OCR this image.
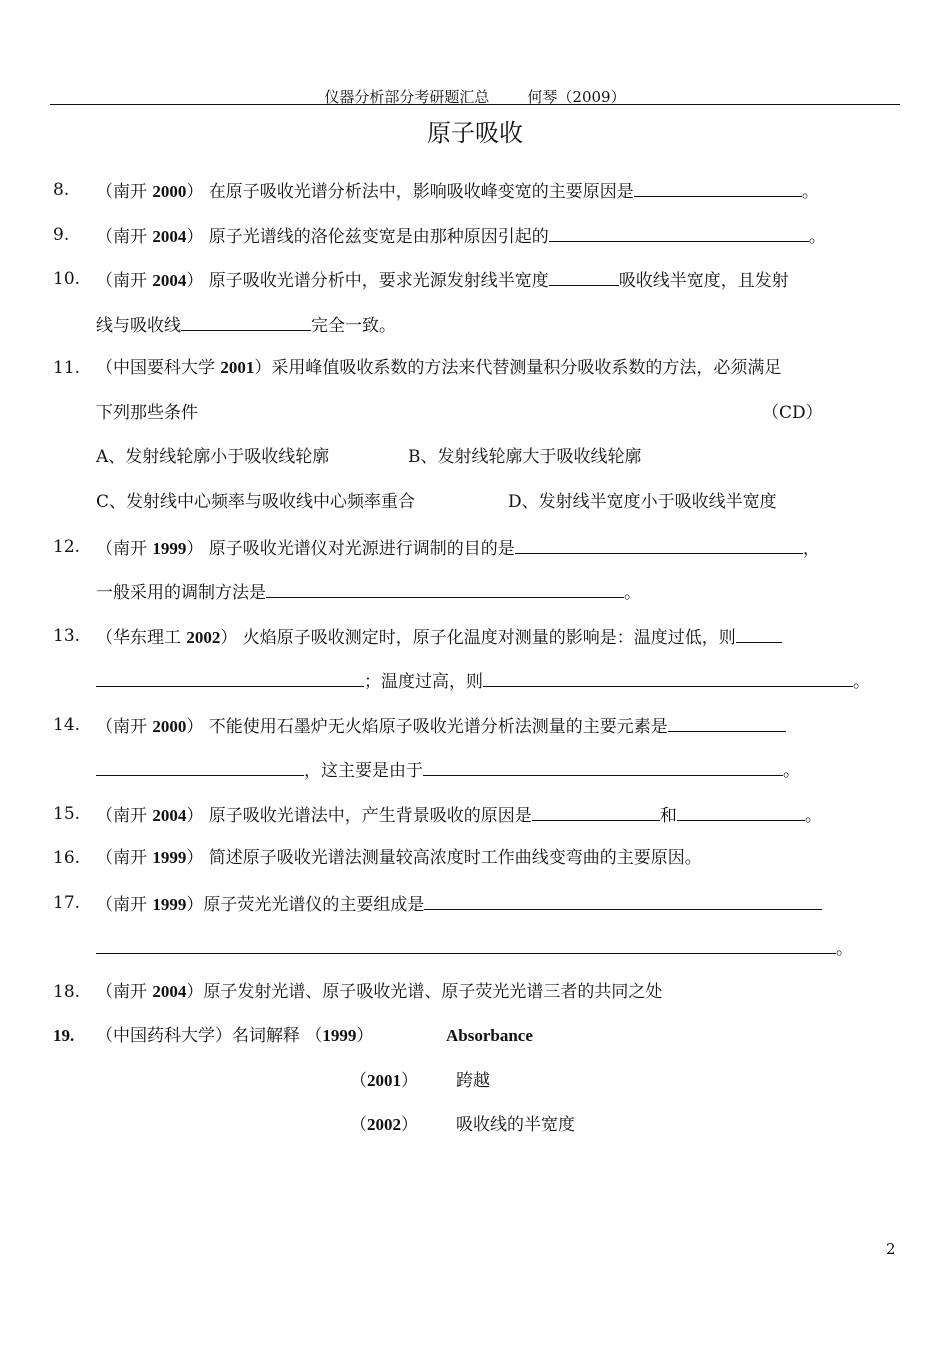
仪器分析部分考研题汇总	何琴（2009）
原子吸收
8. （南开 2000） 在原子吸收光谱分析法中，影响吸收峰变宽的主要原因是	。
9. （南开 2004） 原子光谱线的洛伦兹变宽是由那种原因引起的	。
10. （南开 2004） 原子吸收光谱分析中，要求光源发射线半宽度	吸收线半宽度，且发射
线与吸收线	完全一致。
11. （中国要科大学 2001）采用峰值吸收系数的方法来代替测量积分吸收系数的方法，必须满足
下列那些条件	（CD）
A、发射线轮廓小于吸收线轮廓	B、发射线轮廓大于吸收线轮廓
C、发射线中心频率与吸收线中心频率重合	D、发射线半宽度小于吸收线半宽度
12. （南开 1999） 原子吸收光谱仪对光源进行调制的目的是	，
一般采用的调制方法是	。
13. （华东理工 2002） 火焰原子吸收测定时，原子化温度对测量的影响是：温度过低，则
；温度过高，则	。
14. （南开 2000） 不能使用石墨炉无火焰原子吸收光谱分析法测量的主要元素是
，这主要是由于	。
15. （南开 2004） 原子吸收光谱法中，产生背景吸收的原因是	和	。
16. （南开 1999） 简述原子吸收光谱法测量较高浓度时工作曲线变弯曲的主要原因。
17. （南开 1999）原子荧光光谱仪的主要组成是
。
18. （南开 2004）原子发射光谱、原子吸收光谱、原子荧光光谱三者的共同之处
19. （中国药科大学）名词解释 （1999）	Absorbance
（2001） 跨越
（2002） 吸收线的半宽度
2
